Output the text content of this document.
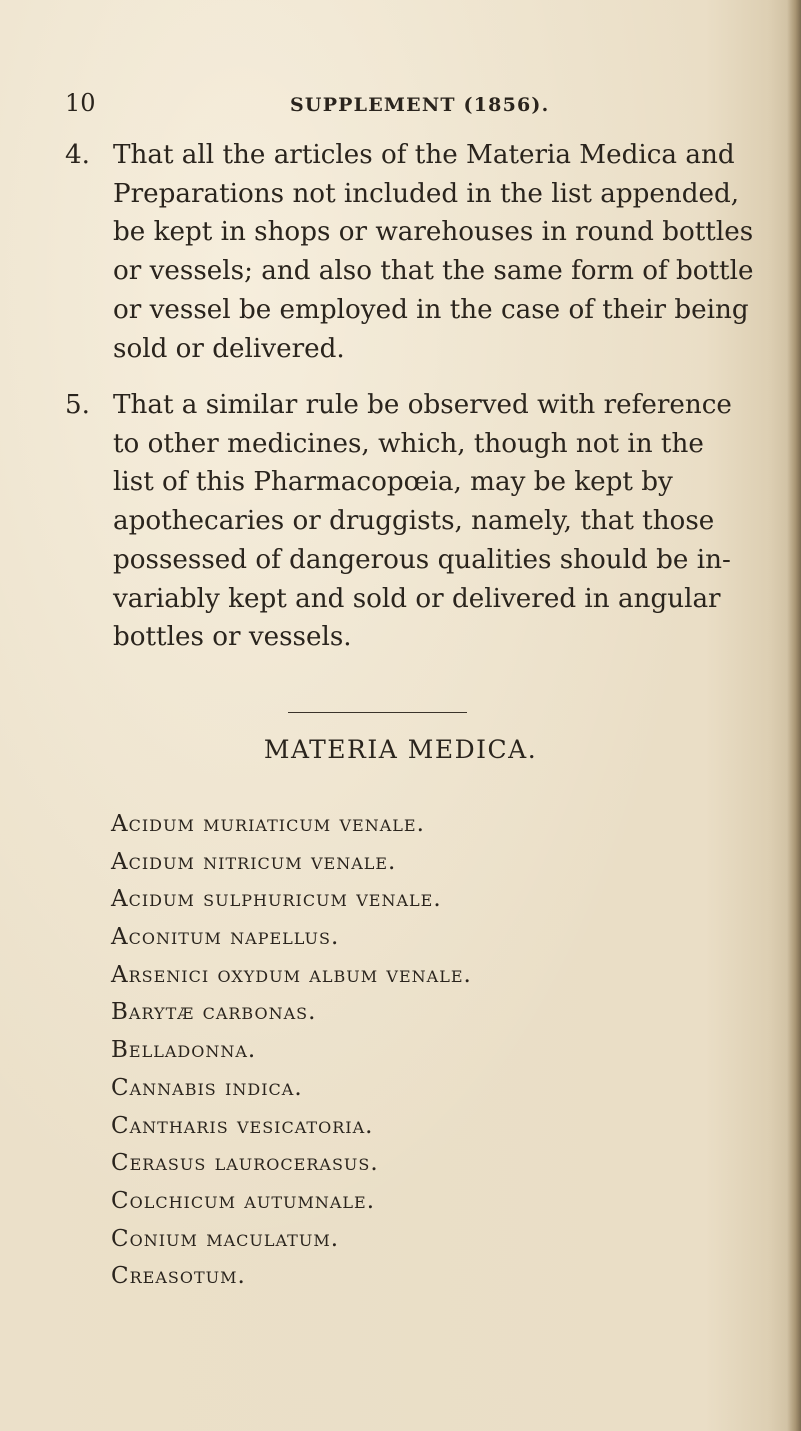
10	SUPPLEMENT (1856).
4. That all the articles of the Materia Medica and
Preparations not included in the list appended,
be kept in shops or warehouses in round bottles
or vessels; and also that the same form of bottle
or vessel be employed in the case of their being
sold or delivered.
5. That a similar rule be observed with reference
to other medicines, which, though not in the
list of this Pharmacopœia, may be kept by
apothecaries or druggists, namely, that those
possessed of dangerous qualities should be in-
variably kept and sold or delivered in angular
bottles or vessels.
MATERIA MEDICA.
Acidum muriaticum venale.
Acidum nitricum venale.
Acidum sulphuricum venale.
Aconitum napellus.
Arsenici oxydum album venale.
Barytæ carbonas.
Belladonna.
Cannabis indica.
Cantharis vesicatoria.
Cerasus laurocerasus.
Colchicum autumnale.
Conium maculatum.
Creasotum.
